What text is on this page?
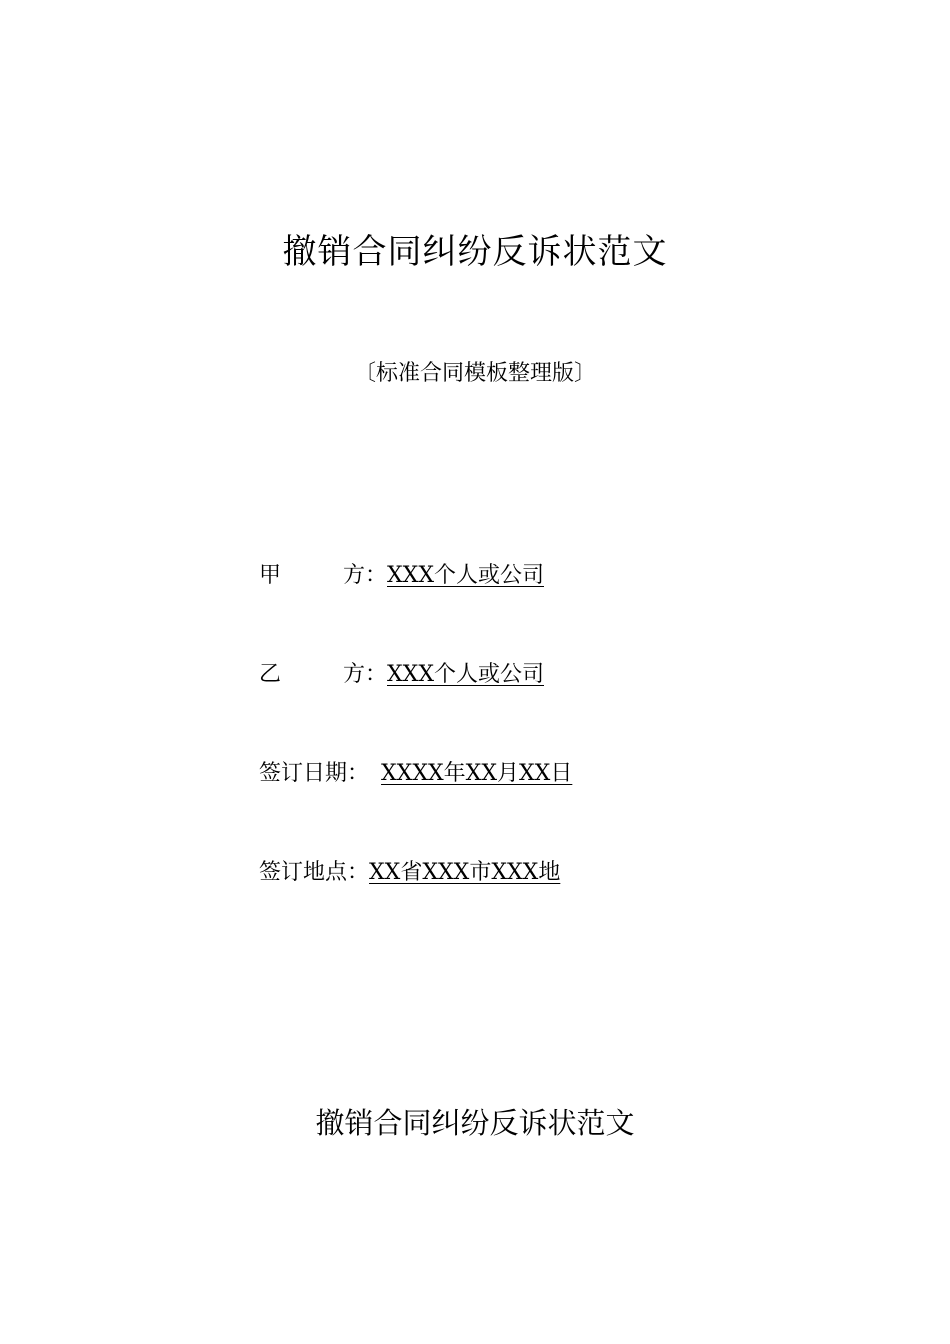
撤销合同纠纷反诉状范文
〔标准合同模板整理版〕
甲	方： XXX个人或公司
乙	方： XXX个人或公司
签订日期： XXXX年XX月XX日
签订地点： XX省XXX市XXX地
撤销合同纠纷反诉状范文
